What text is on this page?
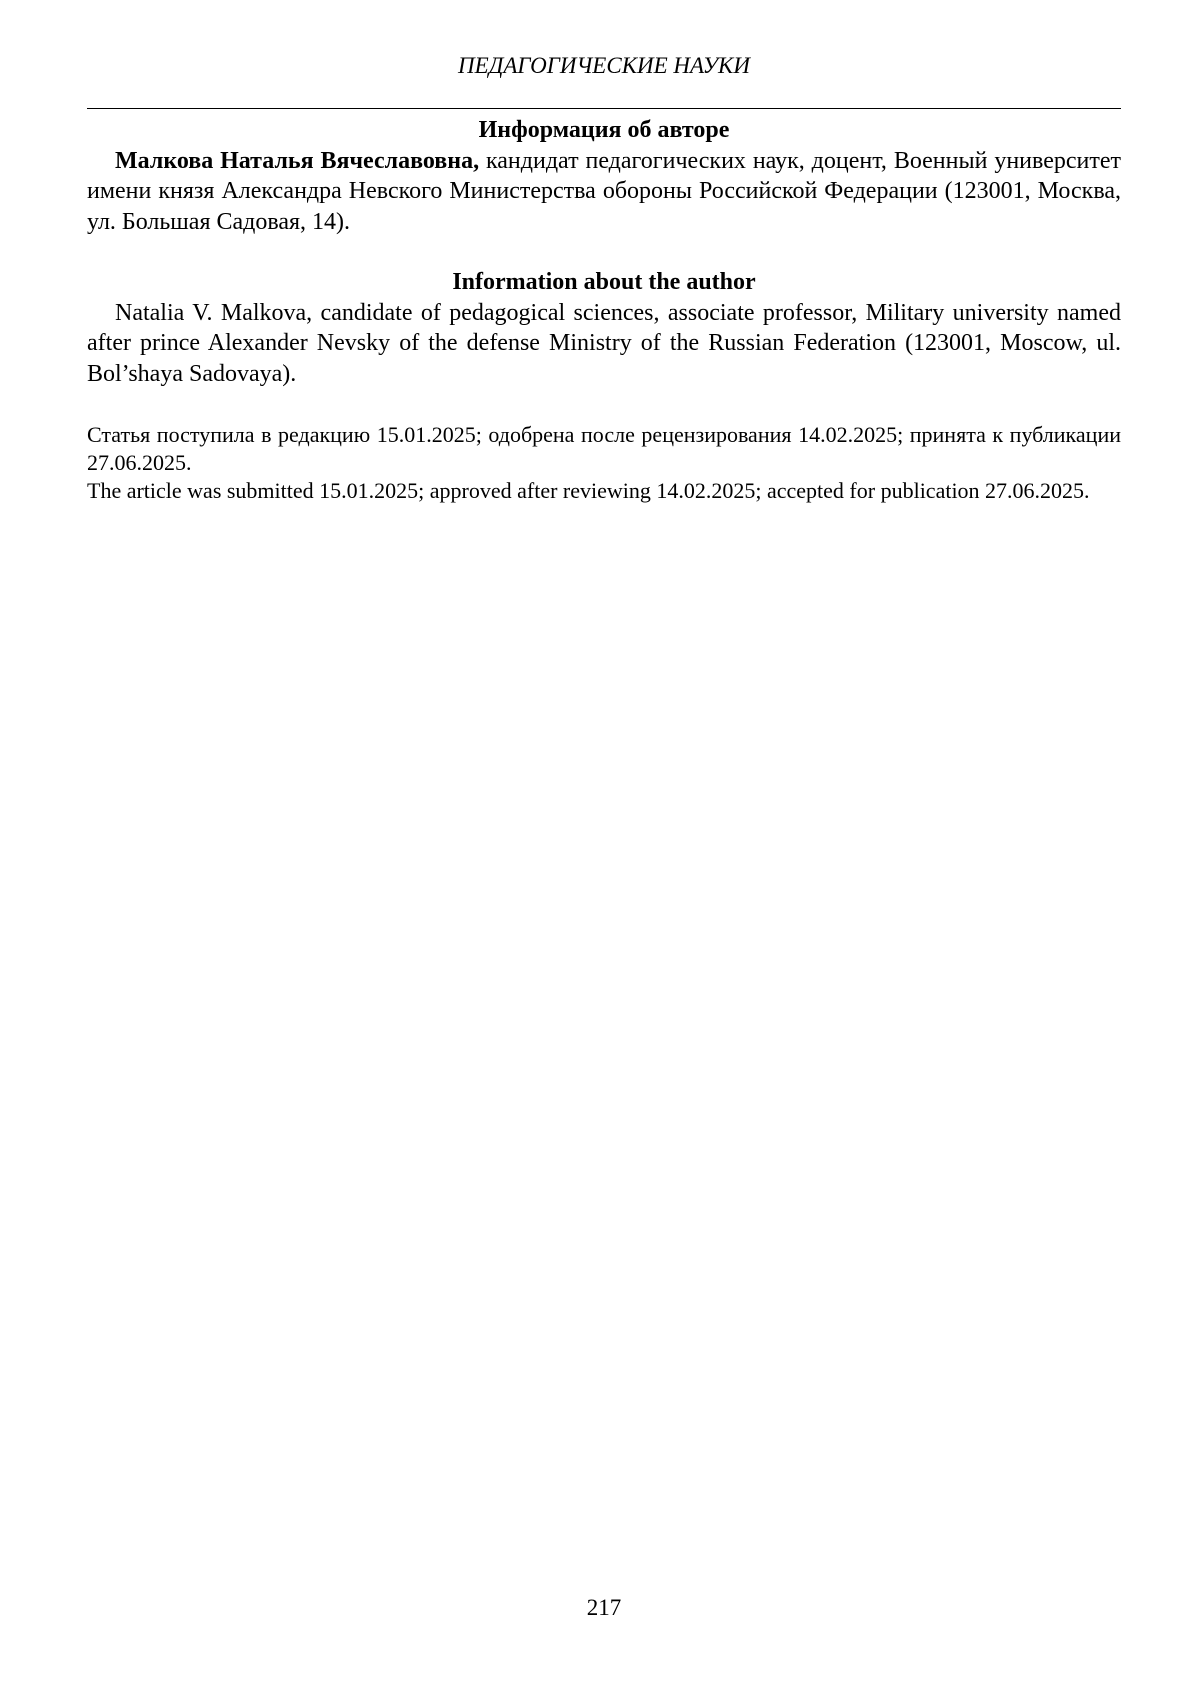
ПЕДАГОГИЧЕСКИЕ НАУКИ

Информация об авторе

Малкова Наталья Вячеславовна, кандидат педагогических наук, доцент, Военный университет имени князя Александра Невского Министерства обороны Российской Федерации (123001, Москва, ул. Большая Садовая, 14).

Information about the author

Natalia V. Malkova, candidate of pedagogical sciences, associate professor, Military university named after prince Alexander Nevsky of the defense Ministry of the Russian Federation (123001, Moscow, ul. Bol’shaya Sadovaya).

Статья поступила в редакцию 15.01.2025; одобрена после рецензирования 14.02.2025; принята к публикации 27.06.2025.

The article was submitted 15.01.2025; approved after reviewing 14.02.2025; accepted for publication 27.06.2025.

217
